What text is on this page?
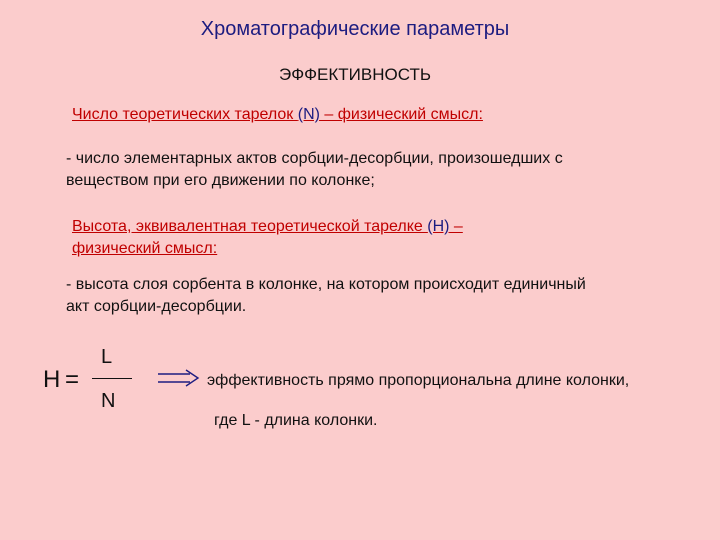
Хроматографические параметры
ЭФФЕКТИВНОСТЬ
Число теоретических тарелок (N) – физический смысл:
- число элементарных актов сорбции-десорбции, произошедших с
веществом при его движении по колонке;
Высота, эквивалентная теоретической тарелке (Н) –
физический смысл:
- высота слоя сорбента в колонке, на котором происходит единичный
акт сорбции-десорбции.
H =
L
N
эффективность прямо пропорциональна длине колонки,
где L - длина колонки.
